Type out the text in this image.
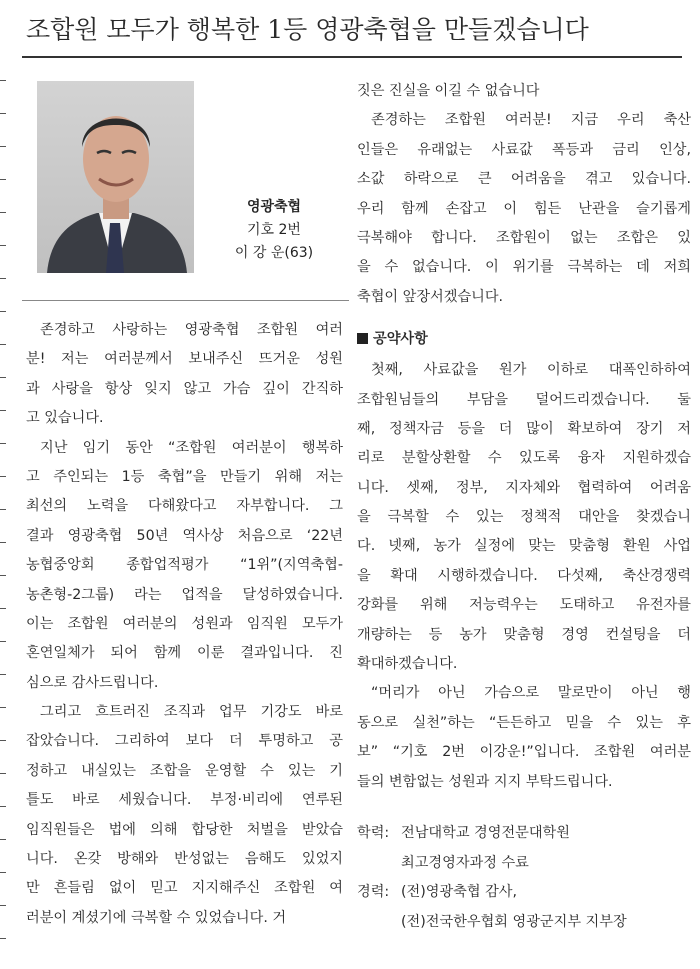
조합원 모두가 행복한 1등 영광축협을 만들겠습니다
영광축협
기호 2번
이 강 운(63)

존경하고 사랑하는 영광축협 조합원 여러
분! 저는 여러분께서 보내주신 뜨거운 성원
과 사랑을 항상 잊지 않고 가슴 깊이 간직하
고 있습니다.

지난 임기 동안 “조합원 여러분이 행복하
고 주인되는 1등 축협”을 만들기 위해 저는
최선의 노력을 다해왔다고 자부합니다. 그
결과 영광축협 50년 역사상 처음으로 ‘22년
농협중앙회 종합업적평가 “1위”(지역축협-
농촌형-2그룹) 라는 업적을 달성하였습니다.
이는 조합원 여러분의 성원과 임직원 모두가
혼연일체가 되어 함께 이룬 결과입니다. 진
심으로 감사드립니다.

그리고 흐트러진 조직과 업무 기강도 바로
잡았습니다. 그리하여 보다 더 투명하고 공
정하고 내실있는 조합을 운영할 수 있는 기
틀도 바로 세웠습니다. 부정·비리에 연루된
임직원들은 법에 의해 합당한 처벌을 받았습
니다. 온갖 방해와 반성없는 음해도 있었지
만 흔들림 없이 믿고 지지해주신 조합원 여
러분이 계셨기에 극복할 수 있었습니다. 거

짓은 진실을 이길 수 없습니다

존경하는 조합원 여러분! 지금 우리 축산
인들은 유래없는 사료값 폭등과 금리 인상,
소값 하락으로 큰 어려움을 겪고 있습니다.
우리 함께 손잡고 이 힘든 난관을 슬기롭게
극복해야 합니다. 조합원이 없는 조합은 있
을 수 없습니다. 이 위기를 극복하는 데 저희
축협이 앞장서겠습니다.

공약사항

첫째, 사료값을 원가 이하로 대폭인하하여
조합원님들의 부담을 덜어드리겠습니다. 둘
째, 정책자금 등을 더 많이 확보하여 장기 저
리로 분할상환할 수 있도록 융자 지원하겠습
니다. 셋째, 정부, 지자체와 협력하여 어려움
을 극복할 수 있는 정책적 대안을 찾겠습니
다. 넷째, 농가 실정에 맞는 맞춤형 환원 사업
을 확대 시행하겠습니다. 다섯째, 축산경쟁력
강화를 위해 저능력우는 도태하고 유전자를
개량하는 등 농가 맞춤형 경영 컨설팅을 더
확대하겠습니다.

“머리가 아닌 가슴으로 말로만이 아닌 행
동으로 실천”하는 “든든하고 믿을 수 있는 후
보” “기호 2번 이강운!”입니다. 조합원 여러분
들의 변함없는 성원과 지지 부탁드립니다.

학력: 전남대학교 경영전문대학원
최고경영자과정 수료
경력: (전)영광축협 감사,
(전)전국한우협회 영광군지부 지부장
